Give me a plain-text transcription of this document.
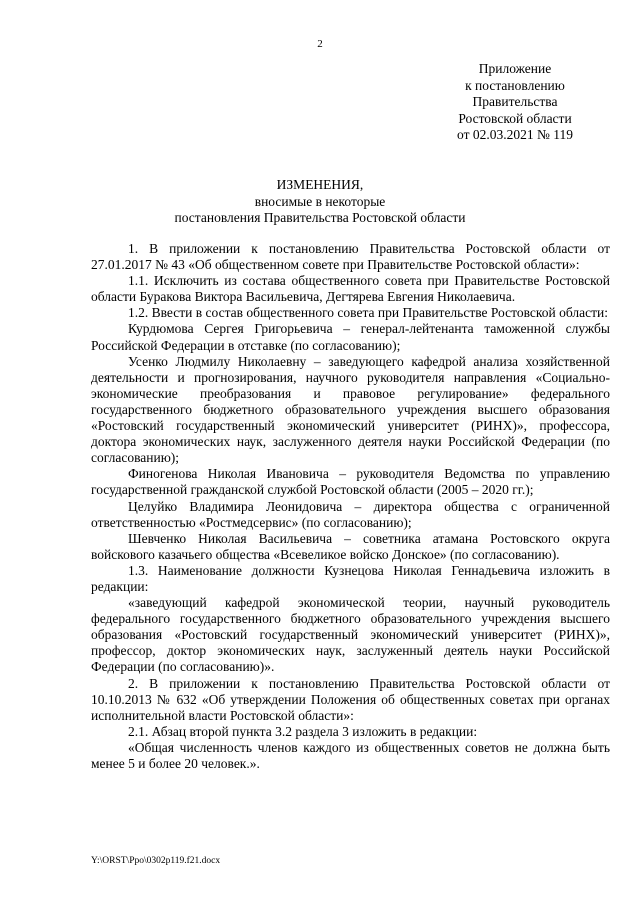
2
Приложение
к постановлению
Правительства
Ростовской области
от 02.03.2021 № 119
ИЗМЕНЕНИЯ,
вносимые в некоторые
постановления Правительства Ростовской области

1. В приложении к постановлению Правительства Ростовской области от 27.01.2017 № 43 «Об общественном совете при Правительстве Ростовской области»:

1.1. Исключить из состава общественного совета при Правительстве Ростовской области Буракова Виктора Васильевича, Дегтярева Евгения Николаевича.

1.2. Ввести в состав общественного совета при Правительстве Ростовской области:

Курдюмова Сергея Григорьевича – генерал-лейтенанта таможенной службы Российской Федерации в отставке (по согласованию);

Усенко Людмилу Николаевну – заведующего кафедрой анализа хозяйственной деятельности и прогнозирования, научного руководителя направления «Социально-экономические преобразования и правовое регулирование» федерального государственного бюджетного образовательного учреждения высшего образования «Ростовский государственный экономический университет (РИНХ)», профессора, доктора экономических наук, заслуженного деятеля науки Российской Федерации (по согласованию);

Финогенова Николая Ивановича – руководителя Ведомства по управлению государственной гражданской службой Ростовской области (2005 – 2020 гг.);

Целуйко Владимира Леонидовича – директора общества с ограниченной ответственностью «Ростмедсервис» (по согласованию);

Шевченко Николая Васильевича – советника атамана Ростовского округа войскового казачьего общества «Всевеликое войско Донское» (по согласованию).

1.3. Наименование должности Кузнецова Николая Геннадьевича изложить в редакции:

«заведующий кафедрой экономической теории, научный руководитель федерального государственного бюджетного образовательного учреждения высшего образования «Ростовский государственный экономический университет (РИНХ)», профессор, доктор экономических наук, заслуженный деятель науки Российской Федерации (по согласованию)».

2. В приложении к постановлению Правительства Ростовской области от 10.10.2013 № 632 «Об утверждении Положения об общественных советах при органах исполнительной власти Ростовской области»:

2.1. Абзац второй пункта 3.2 раздела 3 изложить в редакции:

«Общая численность членов каждого из общественных советов не должна быть менее 5 и более 20 человек.».

Y:\ORST\Ppo\0302p119.f21.docx
